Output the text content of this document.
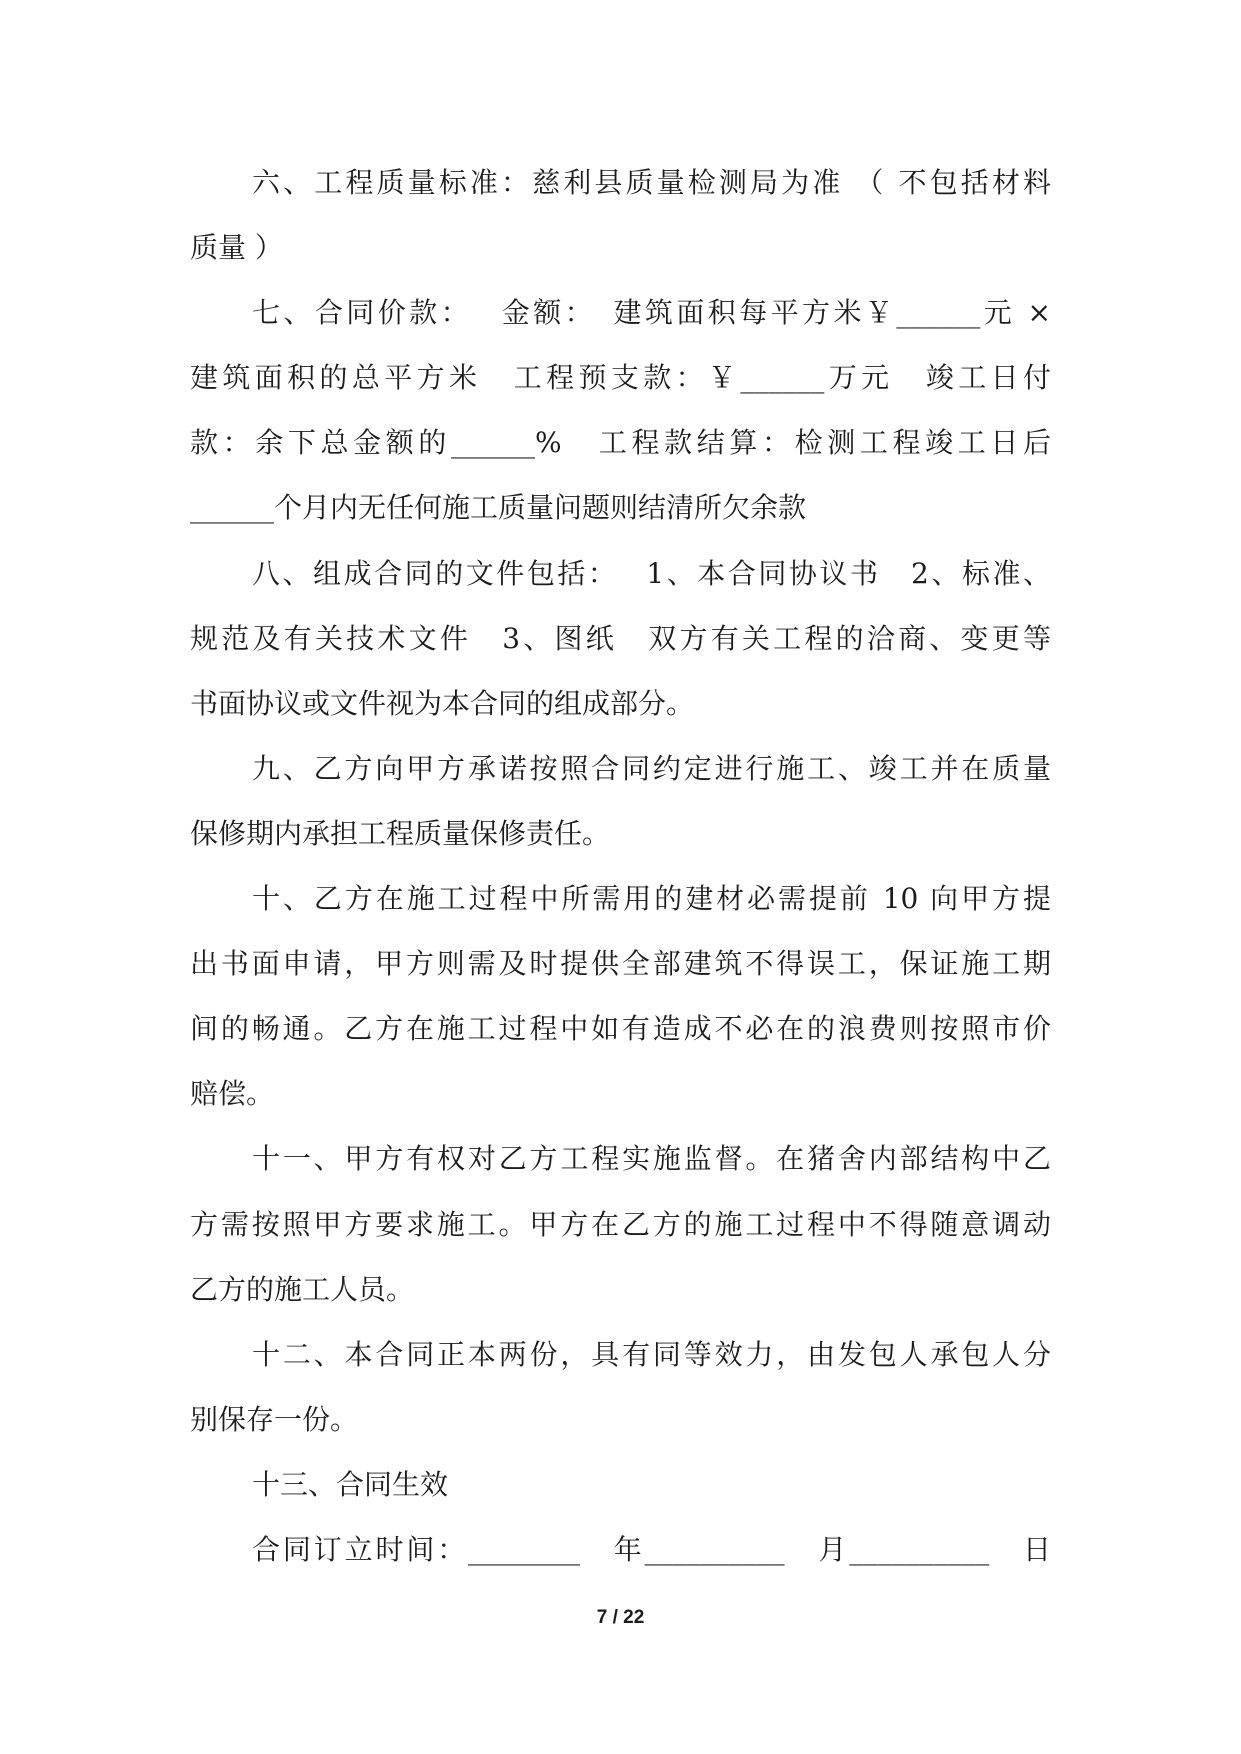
六、工程质量标准：慈利县质量检测局为准 （ 不包括材料
质量 ）
七、合同价款：　 金额：　建筑面积每平方米￥______元 ×
建筑面积的总平方米　工程预支款：￥______万元　竣工日付
款：余下总金额的______%　工程款结算：检测工程竣工日后
______个月内无任何施工质量问题则结清所欠余款
八、组成合同的文件包括：　 1、本合同协议书　2、标准、
规范及有关技术文件　3、图纸　双方有关工程的洽商、变更等
书面协议或文件视为本合同的组成部分。
九、乙方向甲方承诺按照合同约定进行施工、竣工并在质量
保修期内承担工程质量保修责任。
十、乙方在施工过程中所需用的建材必需提前 10 向甲方提
出书面申请，甲方则需及时提供全部建筑不得误工，保证施工期
间的畅通。乙方在施工过程中如有造成不必在的浪费则按照市价
赔偿。
十一、甲方有权对乙方工程实施监督。在猪舍内部结构中乙
方需按照甲方要求施工。甲方在乙方的施工过程中不得随意调动
乙方的施工人员。
十二、本合同正本两份，具有同等效力，由发包人承包人分
别保存一份。
十三、合同生效
合同订立时间：________　年__________　月__________　日
7 / 22
